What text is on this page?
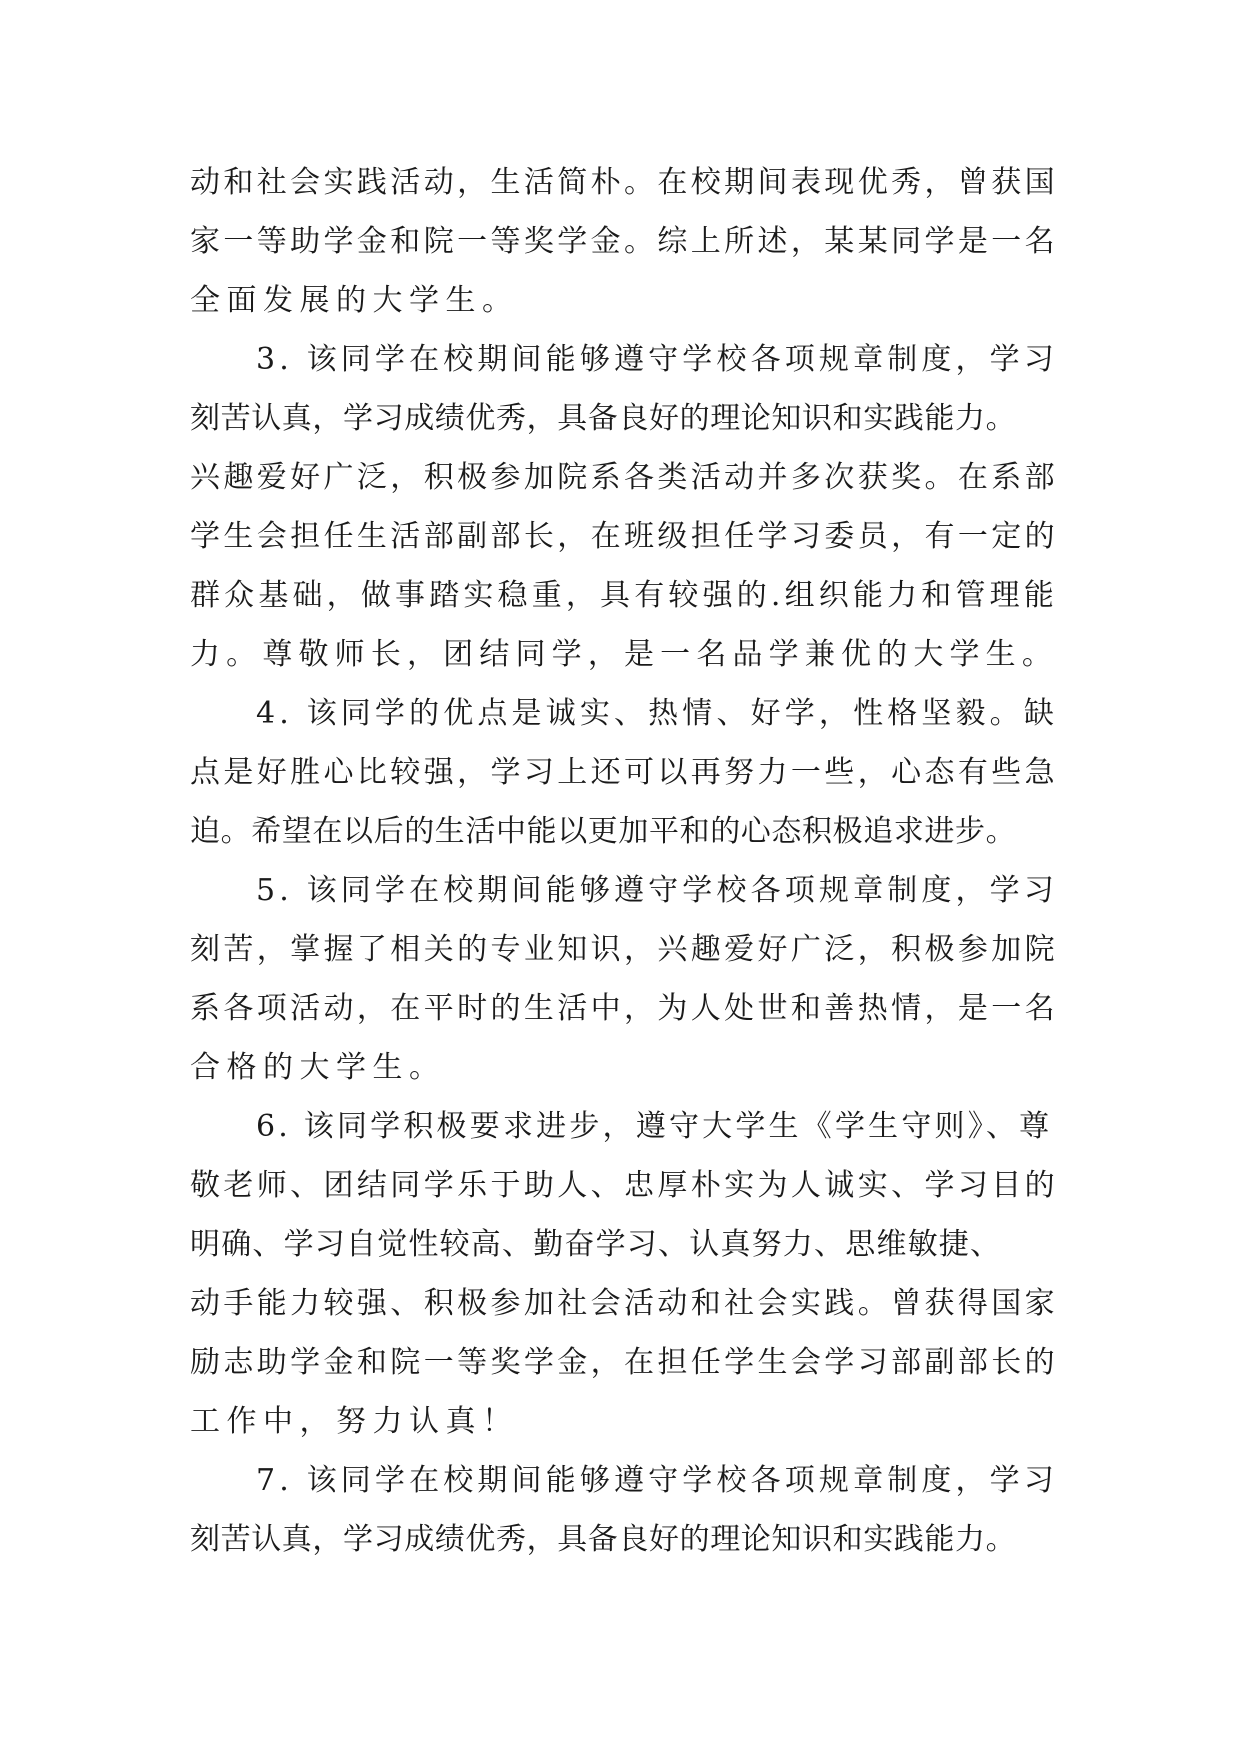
动和社会实践活动，生活简朴。在校期间表现优秀，曾获国
家一等助学金和院一等奖学金。综上所述，某某同学是一名
全面发展的大学生。
3. 该同学在校期间能够遵守学校各项规章制度，学习
刻苦认真，学习成绩优秀，具备良好的理论知识和实践能力。
兴趣爱好广泛，积极参加院系各类活动并多次获奖。在系部
学生会担任生活部副部长，在班级担任学习委员，有一定的
群众基础，做事踏实稳重，具有较强的.组织能力和管理能
力。尊敬师长，团结同学，是一名品学兼优的大学生。
4. 该同学的优点是诚实、热情、好学，性格坚毅。缺
点是好胜心比较强，学习上还可以再努力一些，心态有些急
迫。希望在以后的生活中能以更加平和的心态积极追求进步。
5. 该同学在校期间能够遵守学校各项规章制度，学习
刻苦，掌握了相关的专业知识，兴趣爱好广泛，积极参加院
系各项活动，在平时的生活中，为人处世和善热情，是一名
合格的大学生。
6. 该同学积极要求进步，遵守大学生《学生守则》、尊
敬老师、团结同学乐于助人、忠厚朴实为人诚实、学习目的
明确、学习自觉性较高、勤奋学习、认真努力、思维敏捷、
动手能力较强、积极参加社会活动和社会实践。曾获得国家
励志助学金和院一等奖学金，在担任学生会学习部副部长的
工作中，努力认真！
7. 该同学在校期间能够遵守学校各项规章制度，学习
刻苦认真，学习成绩优秀，具备良好的理论知识和实践能力。
